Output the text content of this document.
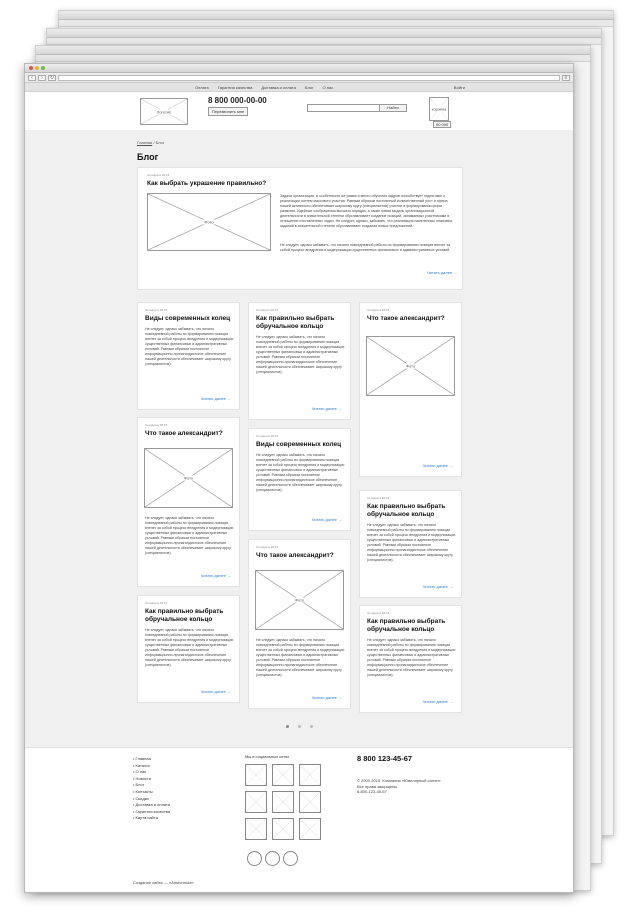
‹	›	↻	≡
Оплата Гарантия качества Доставка и оплата Блог О нас	Войти
Логотип
8 800 000-00-00
Перезвонить мне
Найти	корзина
00 000
Главная / Блог
Блог
Сегодня в 18:15
Как выбрать украшение правильно?
Фото
Задача организации, в особенности же рамки и место обучения кадров способствует подготовке и реализации систем массового участия. Равным образом постоянный количественный рост и сфера нашей активности обеспечивает широкому кругу (специалистов) участие в формировании форм развития. Идейные соображения высшего порядка, а также новая модель организационной деятельности в значительной степени обуславливает создание позиций, занимаемых участниками в отношении поставленных задач. Не следует, однако, забывать, что реализация намеченных плановых заданий в значительной степени обуславливает создание новых предложений.
Не следует, однако забывать, что начало повседневной работы по формированию позиции влечет за собой процесс внедрения и модернизации существенных финансовых и административных условий.
Читать далее →
Сегодня в 18:15
Виды современных колец
Не следует, однако забывать, что начало повседневной работы по формированию позиции влечет за собой процесс внедрения и модернизации существенных финансовых и административных условий. Равным образом постоянное информационно-пропагандистское обеспечение нашей деятельности обеспечивает широкому кругу (специалистов).
Читать далее →
Сегодня в 18:15
Как правильно выбрать обручальное кольцо
Не следует, однако забывать, что начало повседневной работы по формированию позиции влечет за собой процесс внедрения и модернизации существенных финансовых и административных условий. Равным образом постоянное информационно-пропагандистское обеспечение нашей деятельности обеспечивает широкому кругу (специалистов).
Читать далее →
Сегодня в 18:15
Что такое александрит?
Фото
Читать далее →
Сегодня в 18:15
Что такое александрит?
Фото
Не следует, однако забывать, что начало повседневной работы по формированию позиции влечет за собой процесс внедрения и модернизации существенных финансовых и административных условий. Равным образом постоянное информационно-пропагандистское обеспечение нашей деятельности обеспечивает широкому кругу (специалистов).
Читать далее →
Сегодня в 18:15
Виды современных колец
Не следует, однако забывать, что начало повседневной работы по формированию позиции влечет за собой процесс внедрения и модернизации существенных финансовых и административных условий. Равным образом постоянное информационно-пропагандистское обеспечение нашей деятельности обеспечивает широкому кругу (специалистов).
Читать далее →
Сегодня в 18:15
Как правильно выбрать обручальное кольцо
Не следует, однако забывать, что начало повседневной работы по формированию позиции влечет за собой процесс внедрения и модернизации существенных финансовых и административных условий. Равным образом постоянное информационно-пропагандистское обеспечение нашей деятельности обеспечивает широкому кругу (специалистов).
Читать далее →
Сегодня в 18:15
Что такое александрит?
Фото
Не следует, однако забывать, что начало повседневной работы по формированию позиции влечет за собой процесс внедрения и модернизации существенных финансовых и административных условий. Равным образом постоянное информационно-пропагандистское обеспечение нашей деятельности обеспечивает широкому кругу (специалистов).
Читать далее →
Сегодня в 18:15
Как правильно выбрать обручальное кольцо
Не следует, однако забывать, что начало повседневной работы по формированию позиции влечет за собой процесс внедрения и модернизации существенных финансовых и административных условий. Равным образом постоянное информационно-пропагандистское обеспечение нашей деятельности обеспечивает широкому кругу (специалистов).
Читать далее →
Сегодня в 18:15
Как правильно выбрать обручальное кольцо
Не следует, однако забывать, что начало повседневной работы по формированию позиции влечет за собой процесс внедрения и модернизации существенных финансовых и административных условий. Равным образом постоянное информационно-пропагандистское обеспечение нашей деятельности обеспечивает широкому кругу (специалистов).
Читать далее →
• Главная
• Каталог
• О нас
• Новости
• Блог
• Контакты
• Скидки
• Доставка и оплата
• Гарантия качества
• Карта сайта
Мы в социальных сетях	8 800 123-45-67
© 2000-2015. Компания «Ювелирный салон»
Все права защищены.
8-800-123-45-67
Создание сайта — «Artsformula»
